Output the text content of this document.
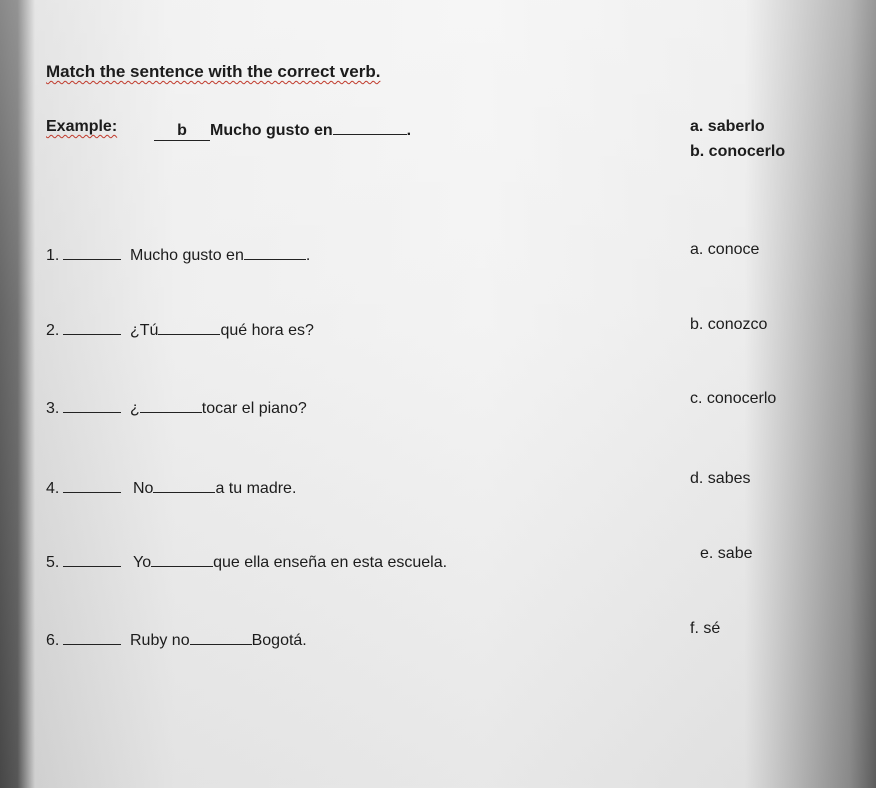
Match the sentence with the correct verb.
Example:	b Mucho gusto en	.	a. saberlo
b. conocerlo
1.	Mucho gusto en	.
2.	¿Tú	qué hora es?
3.	¿	tocar el piano?
4.	No	a tu madre.
5.	Yo	que ella enseña en esta escuela.
6.	Ruby no	Bogotá.
a. conoce
b. conozco
c. conocerlo
d. sabes
e. sabe
f. sé
